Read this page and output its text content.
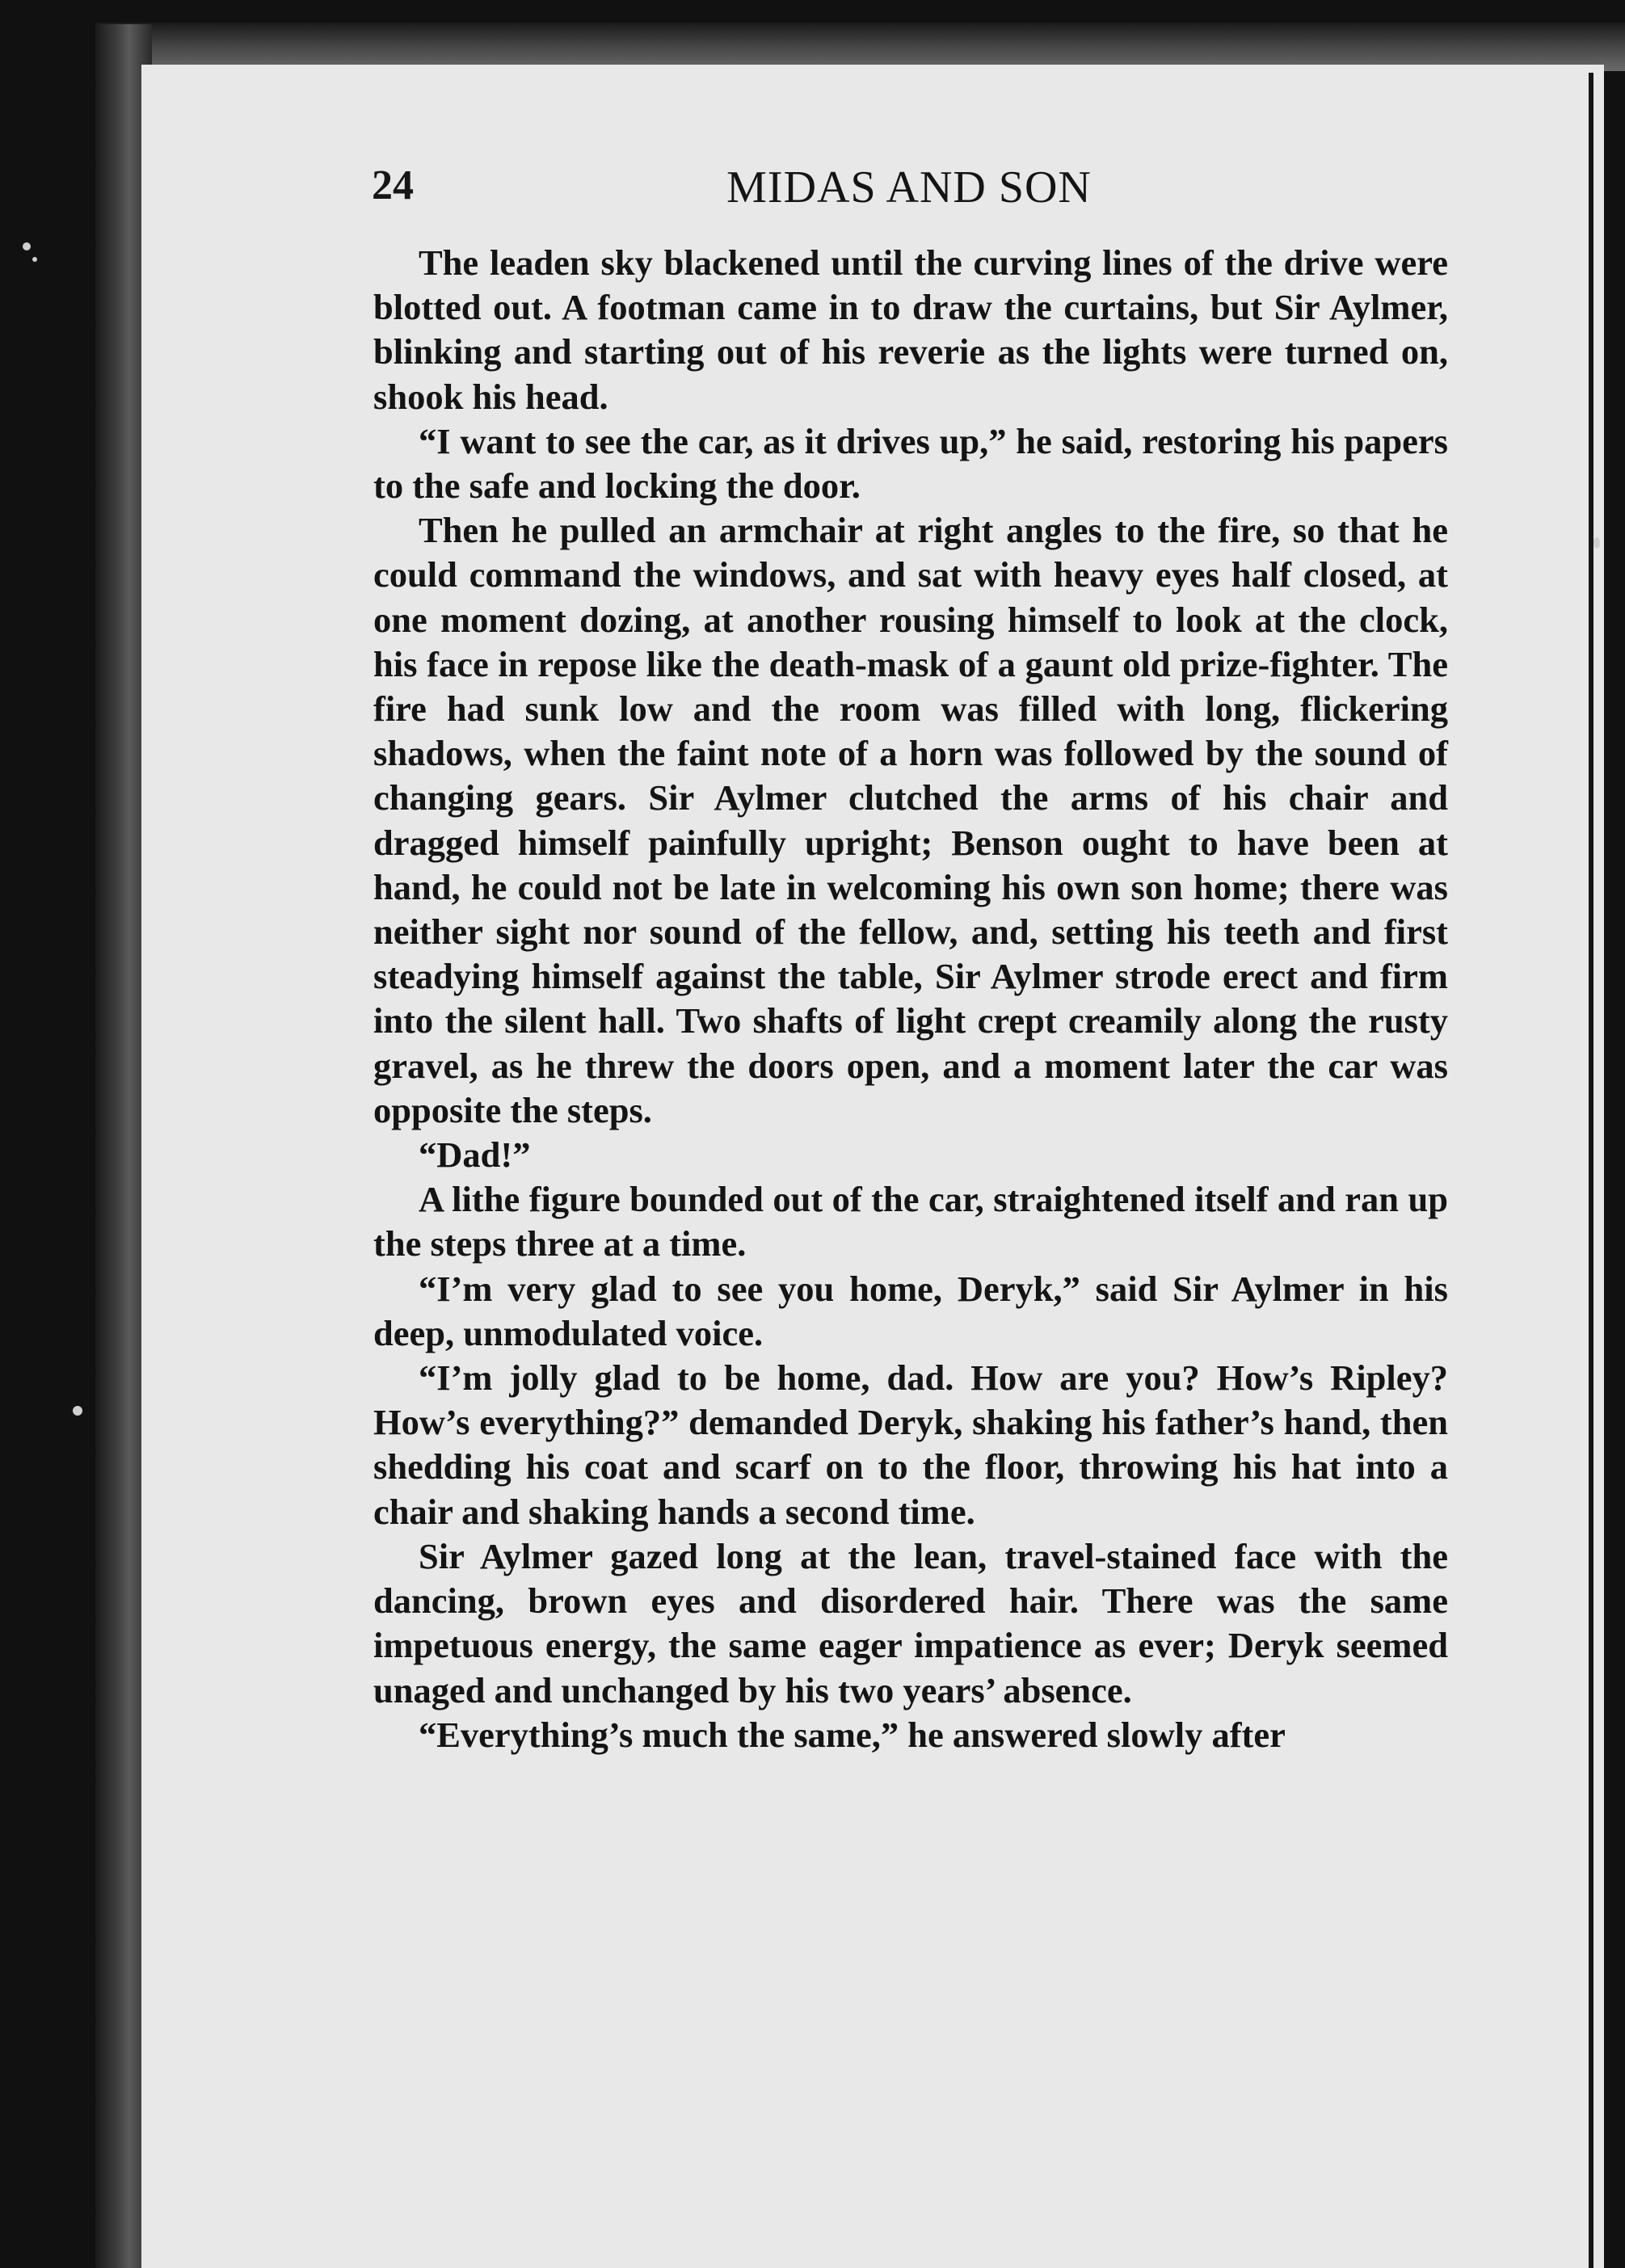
24	MIDAS AND SON

The leaden sky blackened until the curving lines of the drive were blotted out. A footman came in to draw the curtains, but Sir Aylmer, blinking and starting out of his reverie as the lights were turned on, shook his head.

“I want to see the car, as it drives up,” he said, restoring his papers to the safe and locking the door.

Then he pulled an armchair at right angles to the fire, so that he could command the windows, and sat with heavy eyes half closed, at one moment dozing, at another rousing himself to look at the clock, his face in repose like the death-mask of a gaunt old prize-fighter. The fire had sunk low and the room was filled with long, flickering shadows, when the faint note of a horn was followed by the sound of changing gears. Sir Aylmer clutched the arms of his chair and dragged himself painfully upright; Benson ought to have been at hand, he could not be late in welcoming his own son home; there was neither sight nor sound of the fellow, and, setting his teeth and first steadying himself against the table, Sir Aylmer strode erect and firm into the silent hall. Two shafts of light crept creamily along the rusty gravel, as he threw the doors open, and a moment later the car was opposite the steps.

“Dad!”

A lithe figure bounded out of the car, straightened itself and ran up the steps three at a time.

“I’m very glad to see you home, Deryk,” said Sir Aylmer in his deep, unmodulated voice.

“I’m jolly glad to be home, dad. How are you? How’s Ripley? How’s everything?” demanded Deryk, shaking his father’s hand, then shedding his coat and scarf on to the floor, throwing his hat into a chair and shaking hands a second time.

Sir Aylmer gazed long at the lean, travel-stained face with the dancing, brown eyes and disordered hair. There was the same impetuous energy, the same eager impatience as ever; Deryk seemed unaged and unchanged by his two years’ absence.

“Everything’s much the same,” he answered slowly after
